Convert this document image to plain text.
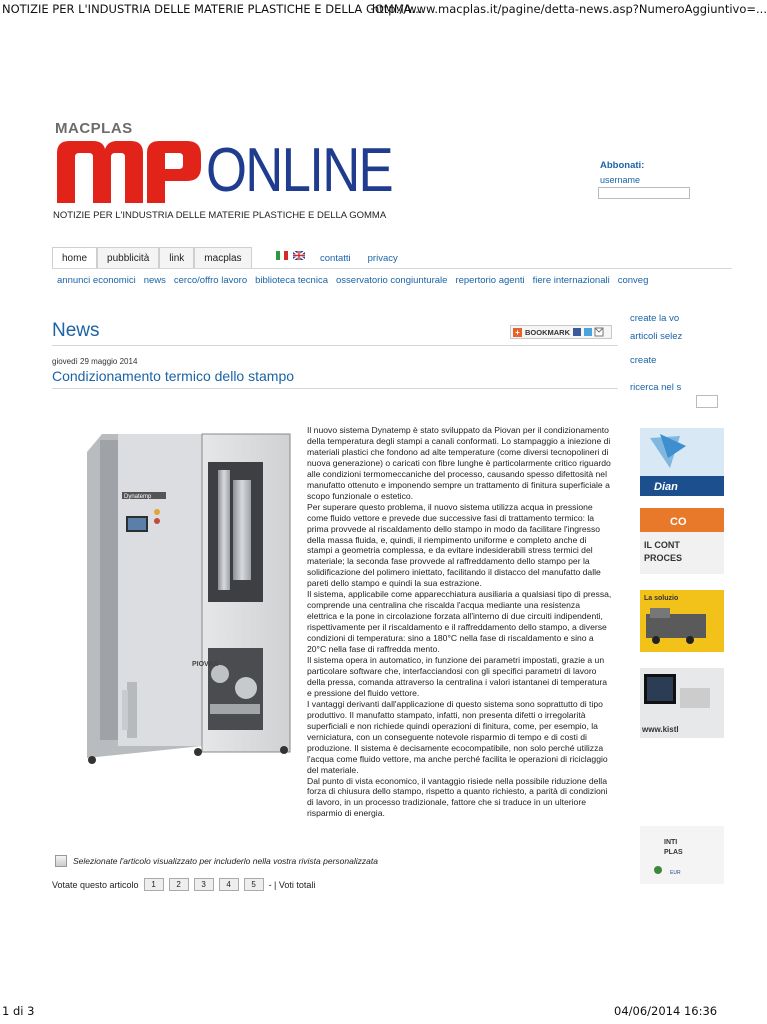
NOTIZIE PER L'INDUSTRIA DELLE MATERIE PLASTICHE E DELLA GOMMA...
http://www.macplas.it/pagine/detta-news.asp?NumeroAggiuntivo=...
1 di 3	04/06/2014 16:36
MACPLAS
ONLINE
NOTIZIE PER L'INDUSTRIA DELLE MATERIE PLASTICHE E DELLA GOMMA
Abbonati:
username
home pubblicità link macplas	contatti privacy
annunci economici news cerco/offro lavoro biblioteca tecnica osservatorio congiunturale repertorio agenti fiere internazionali conveg
News	+ BOOKMARK
create la vo
articoli selez
create
ricerca nel s
giovedì 29 maggio 2014
Condizionamento termico dello stampo
Dynatemp
PIOVAN

Il nuovo sistema Dynatemp è stato sviluppato da Piovan per il condizionamento della temperatura degli stampi a canali conformati. Lo stampaggio a iniezione di materiali plastici che fondono ad alte temperature (come diversi tecnopolineri di nuova generazione) o caricati con fibre lunghe è particolarmente critico riguardo alle condizioni termomeccaniche del processo, causando spesso difettosità nel manufatto ottenuto e imponendo sempre un trattamento di finitura superficiale a scopo funzionale o estetico.

Per superare questo problema, il nuovo sistema utilizza acqua in pressione come fluido vettore e prevede due successive fasi di trattamento termico: la prima provvede al riscaldamento dello stampo in modo da facilitare l'ingresso della massa fluida, e, quindi, il riempimento uniforme e completo anche di stampi a geometria complessa, e da evitare indesiderabili stress termici del materiale; la seconda fase provvede al raffreddamento dello stampo per la solidificazione del polimero iniettato, facilitando il distacco del manufatto dalle pareti dello stampo e quindi la sua estrazione.

Il sistema, applicabile come apparecchiatura ausiliaria a qualsiasi tipo di pressa, comprende una centralina che riscalda l'acqua mediante una resistenza elettrica e la pone in circolazione forzata all'interno di due circuiti indipendenti, rispettivamente per il riscaldamento e il raffreddamento dello stampo, a diverse condizioni di temperatura: sino a 180°C nella fase di riscaldamento e sino a 20°C nella fase di raffredda mento.

Il sistema opera in automatico, in funzione dei parametri impostati, grazie a un particolare software che, interfacciandosi con gli specifici parametri di lavoro della pressa, comanda attraverso la centralina i valori istantanei di temperatura e pressione del fluido vettore.

I vantaggi derivanti dall'applicazione di questo sistema sono soprattutto di tipo produttivo. Il manufatto stampato, infatti, non presenta difetti o irregolarità superficiali e non richiede quindi operazioni di finitura, come, per esempio, la verniciatura, con un conseguente notevole risparmio di tempo e di costi di produzione. Il sistema è decisamente ecocompatibile, non solo perché utilizza l'acqua come fluido vettore, ma anche perché facilita le operazioni di riciclaggio del materiale.

Dal punto di vista economico, il vantaggio risiede nella possibile riduzione della forza di chiusura dello stampo, rispetto a quanto richiesto, a parità di condizioni di lavoro, in un processo tradizionale, fattore che si traduce in un ulteriore risparmio di energia.

Selezionate l'articolo visualizzato per includerlo nella vostra rivista personalizzata
Votate questo articolo	1	2	3	4	5	- | Voti totali
Dian
CO
IL CONT
PROCES
La soluzio
www.kistl
INTI
PLAS
EUR
